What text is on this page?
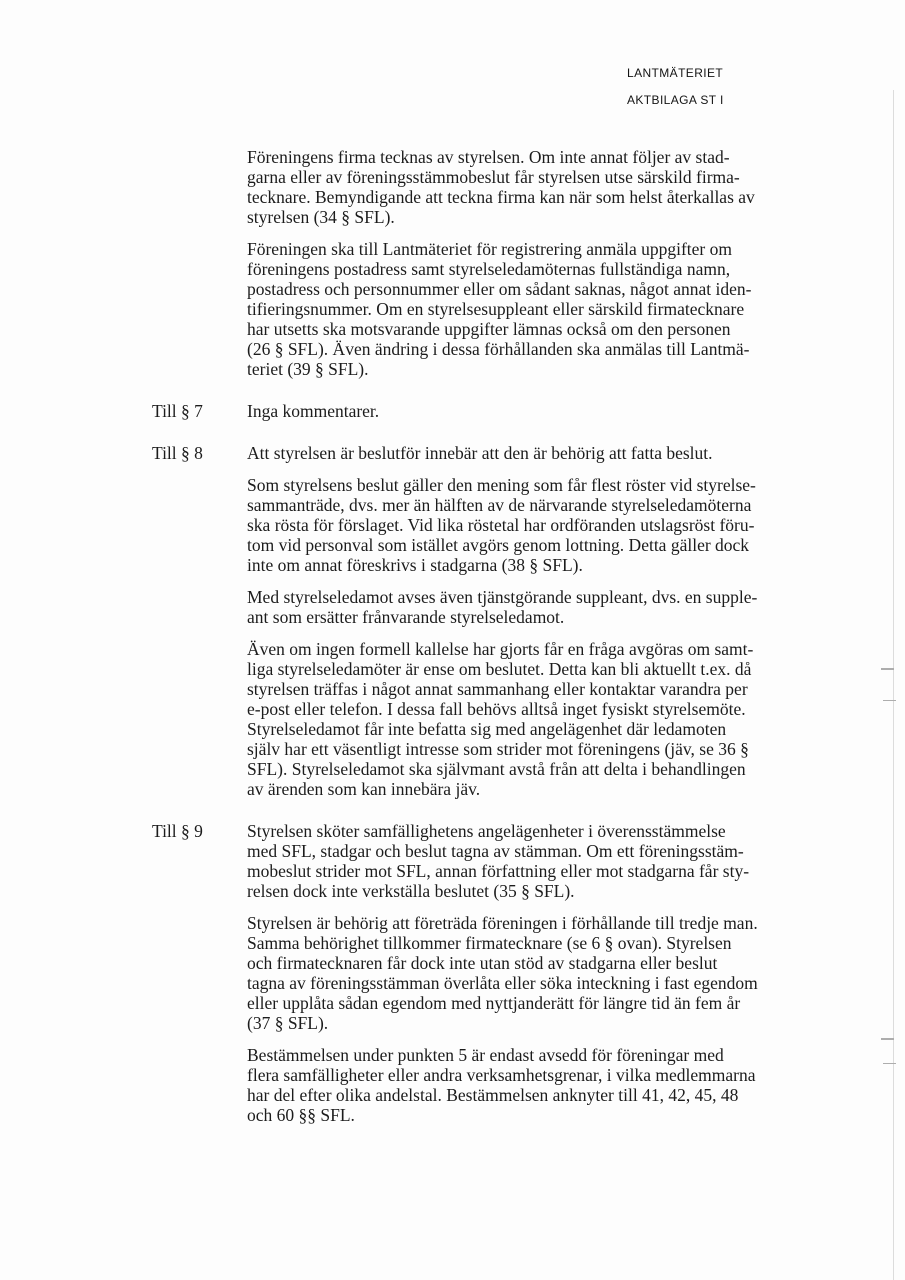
LANTMÄTERIET
AKTBILAGA ST I

Föreningens firma tecknas av styrelsen. Om inte annat följer av stad-
garna eller av föreningsstämmobeslut får styrelsen utse särskild firma-
tecknare. Bemyndigande att teckna firma kan när som helst återkallas av
styrelsen (34 § SFL).

Föreningen ska till Lantmäteriet för registrering anmäla uppgifter om
föreningens postadress samt styrelseledamöternas fullständiga namn,
postadress och personnummer eller om sådant saknas, något annat iden-
tifieringsnummer. Om en styrelsesuppleant eller särskild firmatecknare
har utsetts ska motsvarande uppgifter lämnas också om den personen
(26 § SFL). Även ändring i dessa förhållanden ska anmälas till Lantmä-
teriet (39 § SFL).

Till § 7	Inga kommentarer.

Till § 8	Att styrelsen är beslutför innebär att den är behörig att fatta beslut.

Som styrelsens beslut gäller den mening som får flest röster vid styrelse-
sammanträde, dvs. mer än hälften av de närvarande styrelseledamöterna
ska rösta för förslaget. Vid lika röstetal har ordföranden utslagsröst föru-
tom vid personval som istället avgörs genom lottning. Detta gäller dock
inte om annat föreskrivs i stadgarna (38 § SFL).

Med styrelseledamot avses även tjänstgörande suppleant, dvs. en supple-
ant som ersätter frånvarande styrelseledamot.

Även om ingen formell kallelse har gjorts får en fråga avgöras om samt-
liga styrelseledamöter är ense om beslutet. Detta kan bli aktuellt t.ex. då
styrelsen träffas i något annat sammanhang eller kontaktar varandra per
e-post eller telefon. I dessa fall behövs alltså inget fysiskt styrelsemöte.
Styrelseledamot får inte befatta sig med angelägenhet där ledamoten
själv har ett väsentligt intresse som strider mot föreningens (jäv, se 36 §
SFL). Styrelseledamot ska självmant avstå från att delta i behandlingen
av ärenden som kan innebära jäv.

Till § 9	Styrelsen sköter samfällighetens angelägenheter i överensstämmelse
med SFL, stadgar och beslut tagna av stämman. Om ett föreningsstäm-
mobeslut strider mot SFL, annan författning eller mot stadgarna får sty-
relsen dock inte verkställa beslutet (35 § SFL).

Styrelsen är behörig att företräda föreningen i förhållande till tredje man.
Samma behörighet tillkommer firmatecknare (se 6 § ovan). Styrelsen
och firmatecknaren får dock inte utan stöd av stadgarna eller beslut
tagna av föreningsstämman överlåta eller söka inteckning i fast egendom
eller upplåta sådan egendom med nyttjanderätt för längre tid än fem år
(37 § SFL).

Bestämmelsen under punkten 5 är endast avsedd för föreningar med
flera samfälligheter eller andra verksamhetsgrenar, i vilka medlemmarna
har del efter olika andelstal. Bestämmelsen anknyter till 41, 42, 45, 48
och 60 §§ SFL.
